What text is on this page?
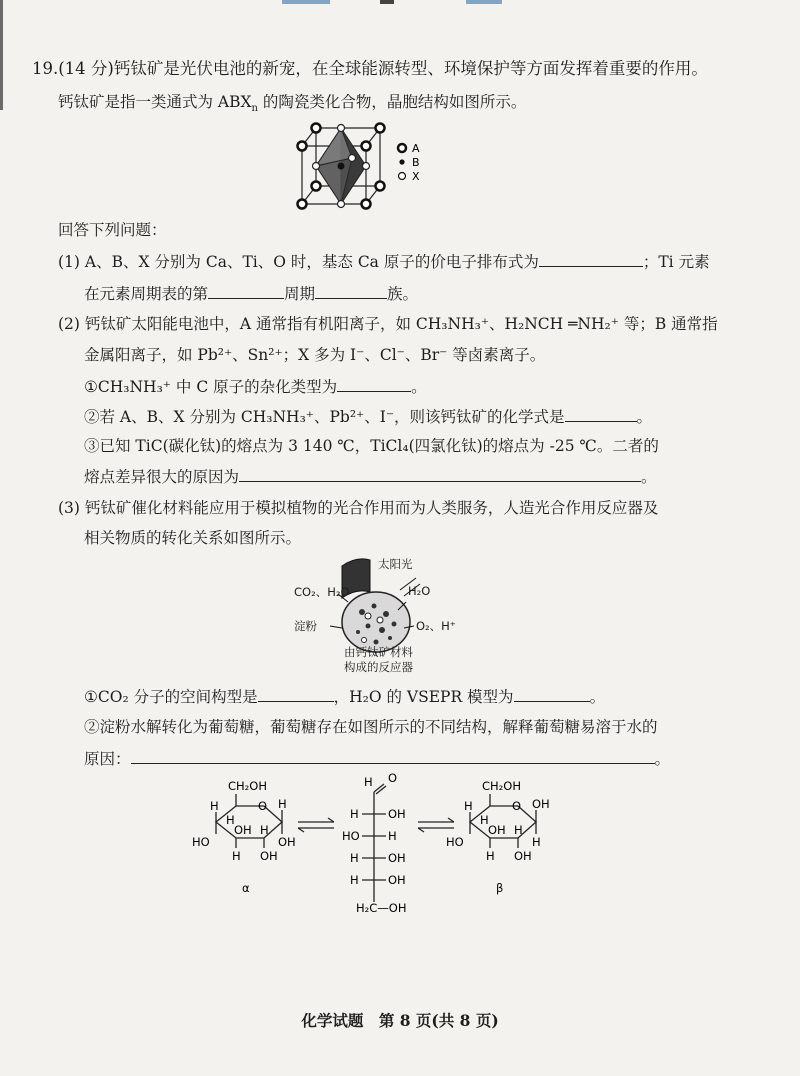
19.(14 分)钙钛矿是光伏电池的新宠，在全球能源转型、环境保护等方面发挥着重要的作用。
钙钛矿是指一类通式为 $ABX_n$ 的陶瓷类化合物，晶胞结构如图所示。
A
B
X
回答下列问题：
(1) A、B、X 分别为 Ca、Ti、O 时，基态 Ca 原子的价电子排布式为	；Ti 元素
在元素周期表的第	周期	族。
(2) 钙钛矿太阳能电池中，A 通常指有机阳离子，如 CH₃NH₃⁺、H₂NCH ═NH₂⁺ 等；B 通常指
金属阳离子，如 Pb²⁺、Sn²⁺；X 多为 I⁻、Cl⁻、Br⁻ 等卤素离子。
①CH₃NH₃⁺ 中 C 原子的杂化类型为	。
②若 A、B、X 分别为 CH₃NH₃⁺、Pb²⁺、I⁻，则该钙钛矿的化学式是	。
③已知 TiC(碳化钛)的熔点为 3 140 ℃，TiCl₄(四氯化钛)的熔点为 -25 ℃。二者的
熔点差异很大的原因为	。
(3) 钙钛矿催化材料能应用于模拟植物的光合作用而为人类服务，人造光合作用反应器及
相关物质的转化关系如图所示。
太阳光
CO₂、H₂O	H₂O
淀粉	O₂、H⁺
由钙钛矿材料
构成的反应器
①CO₂ 分子的空间构型是	，H₂O 的 VSEPR 模型为	。
②淀粉水解转化为葡萄糖，葡萄糖存在如图所示的不同结构，解释葡萄糖易溶于水的
原因：	。
CH₂OH
O
H	H
H
OH H
HO	OH
H OH
α
H O
H	OH
HO H
H	OH
H	OH
H₂C—OH
CH₂OH
O
H	OH
H
OH H
HO	H
H OH
β
化学试题　第 8 页(共 8 页)
